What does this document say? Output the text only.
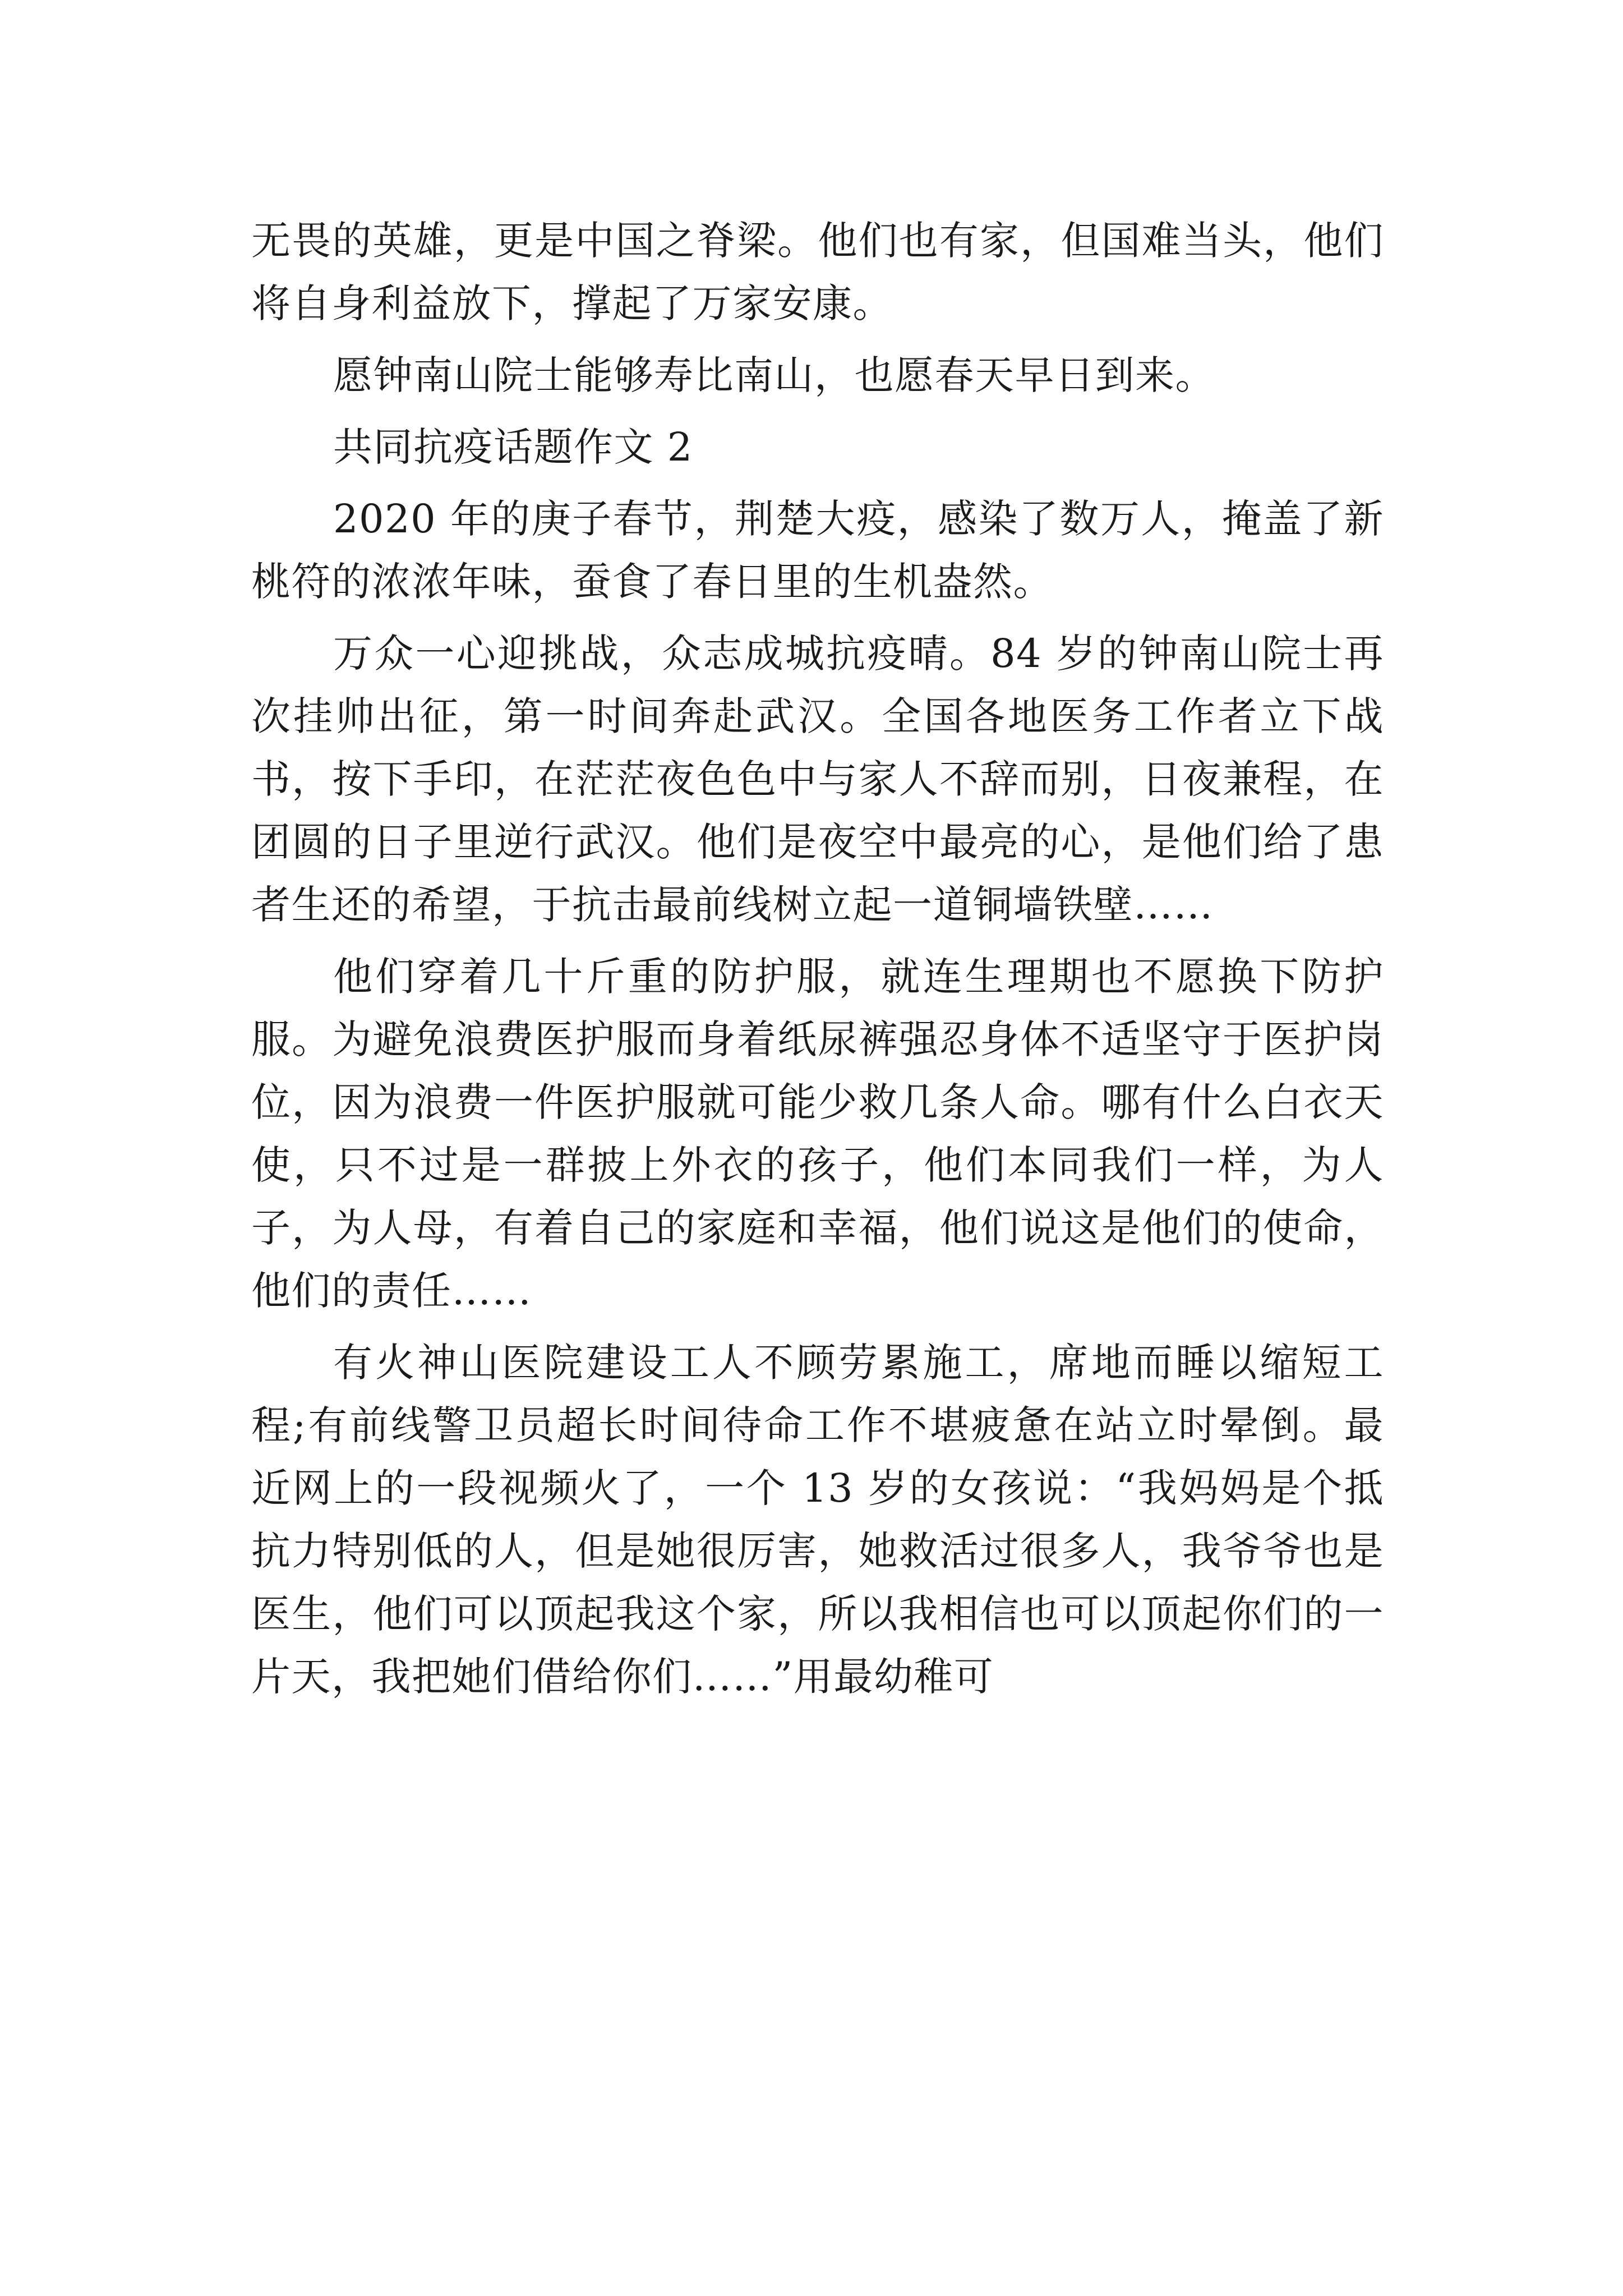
无畏的英雄，更是中国之脊梁。他们也有家，但国难当头，他们将自身利益放下，撑起了万家安康。

愿钟南山院士能够寿比南山，也愿春天早日到来。

共同抗疫话题作文 2

2020 年的庚子春节，荆楚大疫，感染了数万人，掩盖了新桃符的浓浓年味，蚕食了春日里的生机盎然。

万众一心迎挑战，众志成城抗疫晴。84 岁的钟南山院士再次挂帅出征，第一时间奔赴武汉。全国各地医务工作者立下战书，按下手印，在茫茫夜色色中与家人不辞而别，日夜兼程，在团圆的日子里逆行武汉。他们是夜空中最亮的心，是他们给了患者生还的希望，于抗击最前线树立起一道铜墙铁壁……

他们穿着几十斤重的防护服，就连生理期也不愿换下防护服。为避免浪费医护服而身着纸尿裤强忍身体不适坚守于医护岗位，因为浪费一件医护服就可能少救几条人命。哪有什么白衣天使，只不过是一群披上外衣的孩子，他们本同我们一样，为人子，为人母，有着自己的家庭和幸福，他们说这是他们的使命，他们的责任……

有火神山医院建设工人不顾劳累施工，席地而睡以缩短工程;有前线警卫员超长时间待命工作不堪疲惫在站立时晕倒。最近网上的一段视频火了，一个 13 岁的女孩说：“我妈妈是个抵抗力特别低的人，但是她很厉害，她救活过很多人，我爷爷也是医生，他们可以顶起我这个家，所以我相信也可以顶起你们的一片天，我把她们借给你们……”用最幼稚可
